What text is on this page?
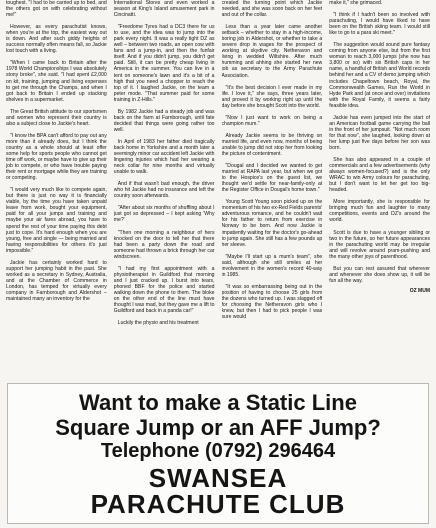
toughest. "I had to be carried up to bed, and the others got on with celebrating without me!"

However, as every parachutist knows, when you're at the top, the easiest way out is down. And after such giddy heights of success normally often means fall, so Jackie lost touch with a living.

"When I came back to Britain after the 1978 World Championships I was absolutely stony broke", she said. "I had spent £2,000 on kit, training, jumping and living expenses to get me through the Champs, and when I got back to Britain I ended up stacking shelves in a supermarket.

The Great British attitude to our sportsmen and women who represent their country is also a subject close to Jackie's heart.

"I know the BPA can't afford to pay out any more than it already does, but I think the country as a whole should at least offer some help for sports people who cannot get time off work, or maybe have to give up their job to compete, or who have trouble paying their rent or mortgage while they are training or competing.

"I would very much like to compete again, but there is just no way it is financially viable, by the time you have taken unpaid leave from work, bought your equipment, paid for all your jumps and training and maybe your air fares abroad, you have to spend the rest of your time paying this debt just to cope. It's hard enough when you are young, free and single — being married and having responsibilities for others it's just impossible."

Jackie has certainly worked hard to support her jumping habit in the past. She worked as a secretary in Sydney, Australia, and at the Chamber of Commerce in London, has temped for virtually every company in Farnborough and Aldershot – maintained many an inventory for the

International Stores and even worked a season at King's Island amusement park in Cincinatti.

"Freedome Tyres had a DC3 there for us to use, and the idea was to jump into the park every night. It was a really tight DZ as well – between two roads, an open cow with fans and a jump-in, and then the funfair itself. And if you didn't jump, you didn't get paid. Still, it can be pretty cheap living in America in the summer. You can live in a tent on someone's lawn and it's a bit of a high that you need a chopper to reach the top of it. I laughed Jackie, on the team a peter mode. "That summer paid for some training in Z-Hills."

By 1982 Jackie had a steady job and was back on the farm at Farnborough, until fate decided that things were going rather too well.

In April of 1983 her father died tragically back home in Yorkshire and a month later a seemingly minor car accident left Jackie with lingering injuries which had her wearing a neck collar for nine months and virtually unable to walk.

And if that wasn't bad enough, the driver who hit Jackie had no insurance and left the country soon afterwards.

"After about six months of shuffling about I just got so depressed – I kept asking 'Why me?'

"Then one morning a neighbour of hers knocked on the door to tell her that there had been a party down the road and someone had thrown a brick through her car windscreen.

"I had my first appointment with a physiotherapist in Guildford that morning and I just cracked up. I burst into tears, phoned BBF for the police and started walking down the phone to them. The bloke on the other end of the line must have thought I was mad, but they gave me a lift to Guildford and back in a panda car!"

Luckily the physio and his treatment

created the turning point which Jackie needed, and she was soon back on her feet and out of the collar.

Less than a year later came another setback – whether to stay in a high-income, boring job in Aldershot, or whether to take a severe drop in wages for the prospect of working at skydive city. Netheravon and living in wedded Wiltshire. After much humming and ahhing she started her new job as secretary to the Army Parachute Association.

"It's the best decision I ever made in my life. I love it," she says, three years later, and proved it by working right up until the day before she brought Scott into the world.

"Now I just want to work on being a champion mum."

Already Jackie seems to be thriving on married life, and even now, months of being unable to jump did not stop her from looking the picture of contentment.

"Dougal and I decided we wanted to get married at RAPA last year, but when we got to the Hospice's on the guest list, we thought we'd settle for near-family-only at the Register Office in Dougal's home town."

Young Scott Young soon picked up on the momentum of his two ex-Red Fields parents' adventurous romance, and he couldn't wait for his father to return from exercise in Norway to be born. And now Jackie is impatiently waiting for the doctor's go-ahead to jump again. She still has a few pounds up her sleeve.

"Maybe I'll start up a mum's team", she said, although she still smiles at her involvement in the women's record 40-way in 1985.

"It was so embarrassing being out in the position of having to choose 25 girls from the dozens who turned up. I was slagged off for choosing the Netheravon girls who I knew, but then I had to pick people I was sure would

make it," she grimaced.

"I think if I hadn't been so involved with parachuting, I would have liked to have been on the British skiing team. I would still like to go to a para ski meet."

The suggestion would sound pure fantasy coming from anyone else, but from the first woman to reach 3,000 jumps (she now has 3,800 or so) with six British caps in her name, a handful of British and World records behind her and a CV of demo jumping which includes Chapeltown beach, Royal, the Commonwealth Games, Run the World in Hyde Park and (at once and over) invitations with the Royal Family, it seems a fairly feasible idea.

Jackie has even jumped into the start of an American football game carrying the ball in the front of her jumpsuit. "Not much room for that now", she laughed, looking down at her lump just five days before her son was born.

She has also appeared in a couple of commercials and a few advertisements (why always women-focused?) and is the only WRAC to win Army colours for parachuting, but I don't want to let her get too big-headed.

More importantly, she is responsible for bringing much fun and laughter to many competitions, events and DZ's around the world.

Scott is due to have a younger sibling or two in the future, so her future appearances in the parachuting world may be irregular and will revolve around pram-pushing and the many other joys of parenthood.

But you can rest assured that wherever and whenever she does show up, it will be fun all the way.

OZ MUM
Want to make a Static Line
Square Jump or an AFF Jump?
Telephone (0792) 296464
SWANSEA
PARACHUTE CLUB
